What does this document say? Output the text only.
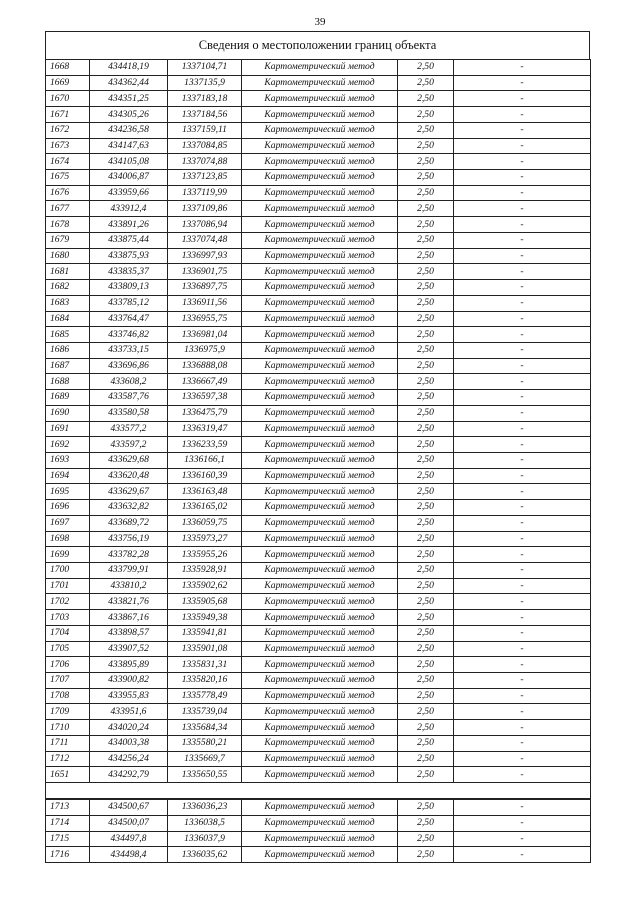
39
Сведения о местоположении границ объекта
1668	434418,19	1337104,71	Картометрический метод	2,50	-
1669	434362,44	1337135,9	Картометрический метод	2,50	-
1670	434351,25	1337183,18	Картометрический метод	2,50	-
1671	434305,26	1337184,56	Картометрический метод	2,50	-
1672	434236,58	1337159,11	Картометрический метод	2,50	-
1673	434147,63	1337084,85	Картометрический метод	2,50	-
1674	434105,08	1337074,88	Картометрический метод	2,50	-
1675	434006,87	1337123,85	Картометрический метод	2,50	-
1676	433959,66	1337119,99	Картометрический метод	2,50	-
1677	433912,4	1337109,86	Картометрический метод	2,50	-
1678	433891,26	1337086,94	Картометрический метод	2,50	-
1679	433875,44	1337074,48	Картометрический метод	2,50	-
1680	433875,93	1336997,93	Картометрический метод	2,50	-
1681	433835,37	1336901,75	Картометрический метод	2,50	-
1682	433809,13	1336897,75	Картометрический метод	2,50	-
1683	433785,12	1336911,56	Картометрический метод	2,50	-
1684	433764,47	1336955,75	Картометрический метод	2,50	-
1685	433746,82	1336981,04	Картометрический метод	2,50	-
1686	433733,15	1336975,9	Картометрический метод	2,50	-
1687	433696,86	1336888,08	Картометрический метод	2,50	-
1688	433608,2	1336667,49	Картометрический метод	2,50	-
1689	433587,76	1336597,38	Картометрический метод	2,50	-
1690	433580,58	1336475,79	Картометрический метод	2,50	-
1691	433577,2	1336319,47	Картометрический метод	2,50	-
1692	433597,2	1336233,59	Картометрический метод	2,50	-
1693	433629,68	1336166,1	Картометрический метод	2,50	-
1694	433620,48	1336160,39	Картометрический метод	2,50	-
1695	433629,67	1336163,48	Картометрический метод	2,50	-
1696	433632,82	1336165,02	Картометрический метод	2,50	-
1697	433689,72	1336059,75	Картометрический метод	2,50	-
1698	433756,19	1335973,27	Картометрический метод	2,50	-
1699	433782,28	1335955,26	Картометрический метод	2,50	-
1700	433799,91	1335928,91	Картометрический метод	2,50	-
1701	433810,2	1335902,62	Картометрический метод	2,50	-
1702	433821,76	1335905,68	Картометрический метод	2,50	-
1703	433867,16	1335949,38	Картометрический метод	2,50	-
1704	433898,57	1335941,81	Картометрический метод	2,50	-
1705	433907,52	1335901,08	Картометрический метод	2,50	-
1706	433895,89	1335831,31	Картометрический метод	2,50	-
1707	433900,82	1335820,16	Картометрический метод	2,50	-
1708	433955,83	1335778,49	Картометрический метод	2,50	-
1709	433951,6	1335739,04	Картометрический метод	2,50	-
1710	434020,24	1335684,34	Картометрический метод	2,50	-
1711	434003,38	1335580,21	Картометрический метод	2,50	-
1712	434256,24	1335669,7	Картометрический метод	2,50	-
1651	434292,79	1335650,55	Картометрический метод	2,50	-

1713	434500,67	1336036,23	Картометрический метод	2,50	-
1714	434500,07	1336038,5	Картометрический метод	2,50	-
1715	434497,8	1336037,9	Картометрический метод	2,50	-
1716	434498,4	1336035,62	Картометрический метод	2,50	-
